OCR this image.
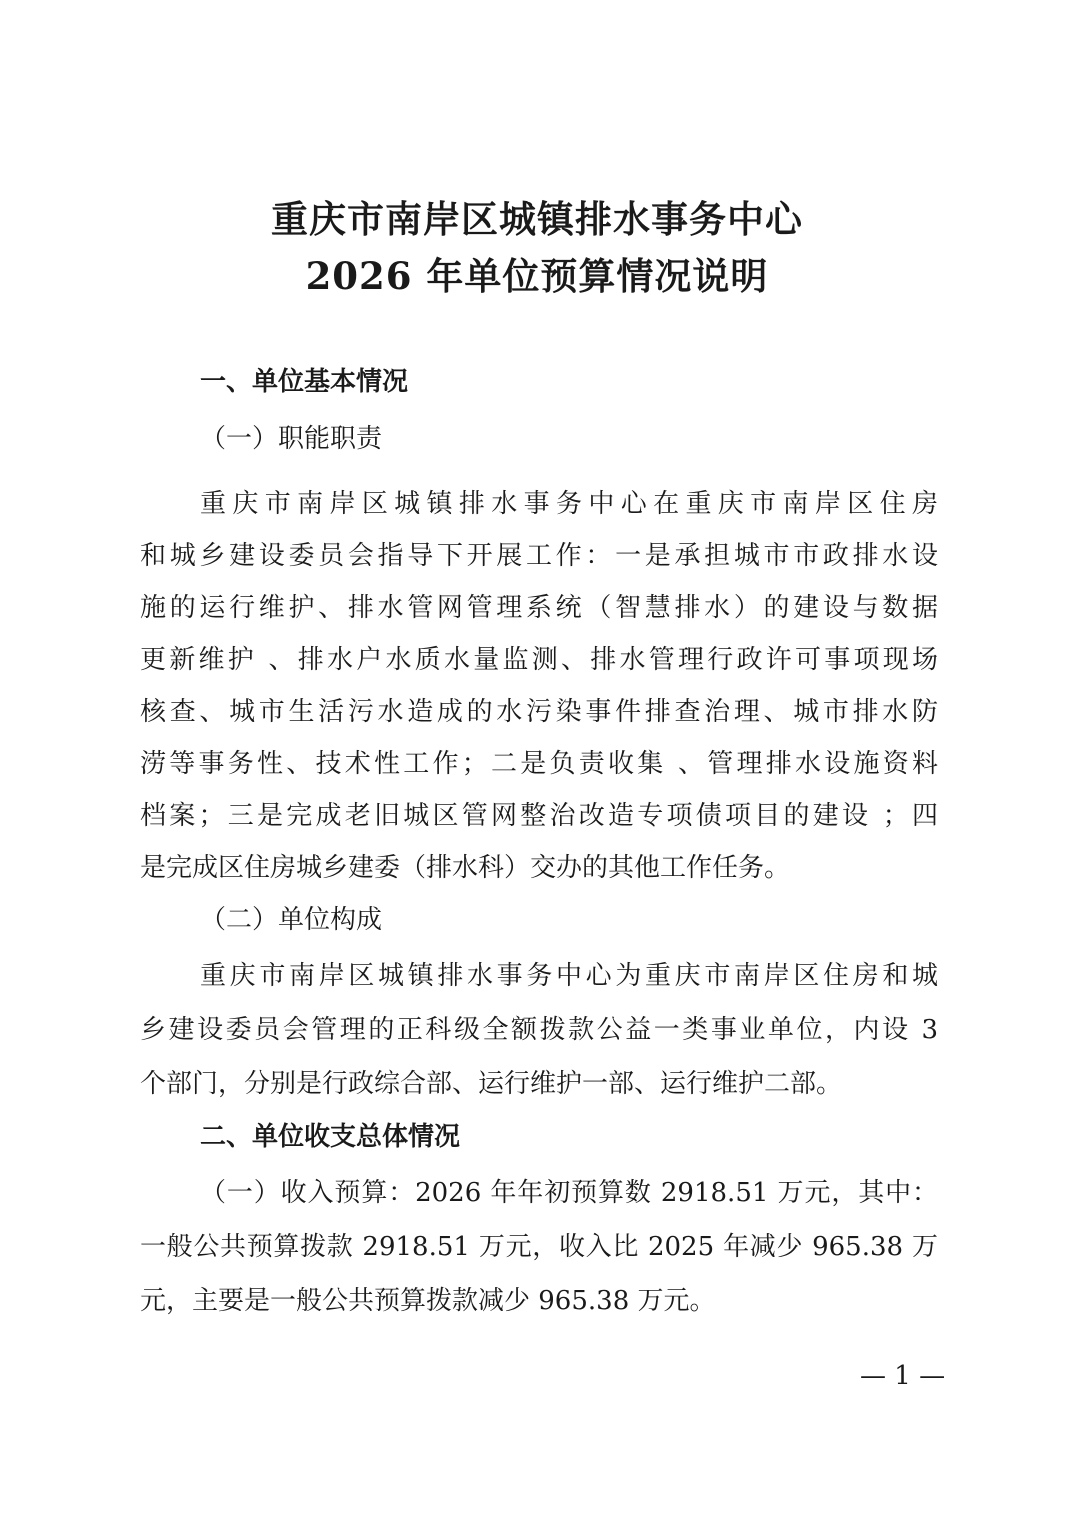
重庆市南岸区城镇排水事务中心
2026 年单位预算情况说明

一、单位基本情况

（一）职能职责

重庆市南岸区城镇排水事务中心在重庆市南岸区住房

和城乡建设委员会指导下开展工作：一是承担城市市政排水设

施的运行维护、排水管网管理系统（智慧排水）的建设与数据

更新维护 、排水户水质水量监测、排水管理行政许可事项现场

核查、城市生活污水造成的水污染事件排查治理、城市排水防

涝等事务性、技术性工作；二是负责收集 、管理排水设施资料

档案；三是完成老旧城区管网整治改造专项债项目的建设 ；四

是完成区住房城乡建委（排水科）交办的其他工作任务。

（二）单位构成

重庆市南岸区城镇排水事务中心为重庆市南岸区住房和城

乡建设委员会管理的正科级全额拨款公益一类事业单位，内设 3

个部门，分别是行政综合部、运行维护一部、运行维护二部。

二、单位收支总体情况

（一）收入预算：2026 年年初预算数 2918.51 万元，其中：

一般公共预算拨款 2918.51 万元，收入比 2025 年减少 965.38 万

元，主要是一般公共预算拨款减少 965.38 万元。

— 1 —
